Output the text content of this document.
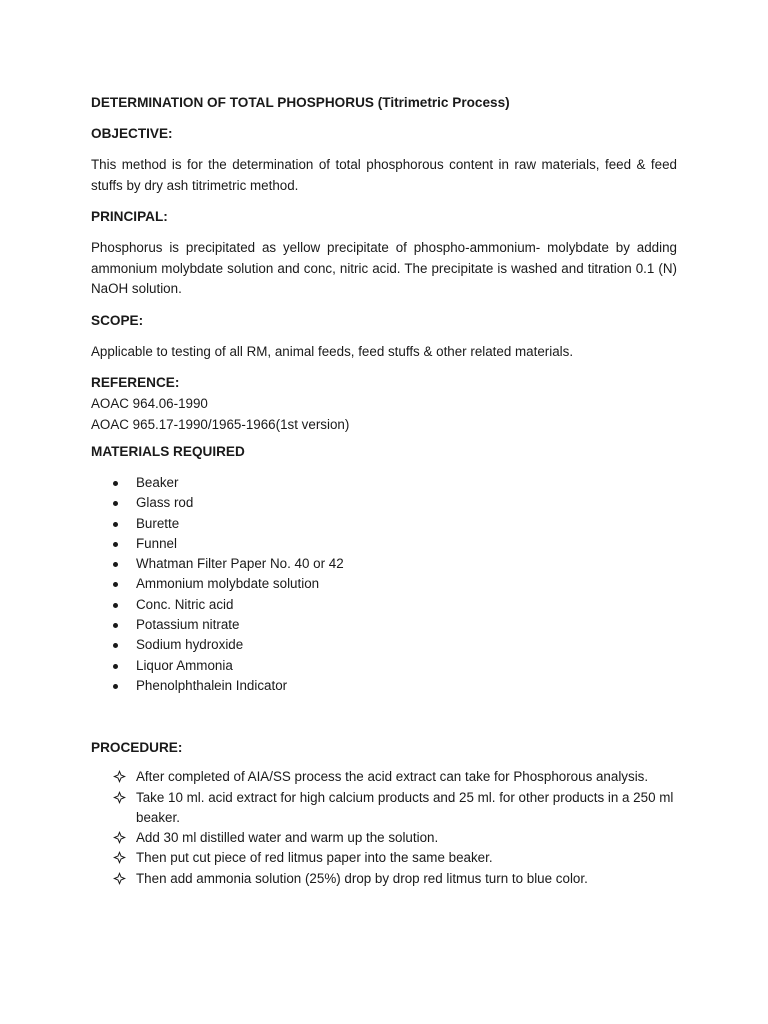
DETERMINATION OF TOTAL PHOSPHORUS (Titrimetric Process)
OBJECTIVE:

This method is for the determination of total phosphorous content in raw materials, feed & feed stuffs by dry ash titrimetric method.

PRINCIPAL:

Phosphorus is precipitated as yellow precipitate of phospho-ammonium- molybdate by adding ammonium molybdate solution and conc, nitric acid. The precipitate is washed and titration 0.1 (N) NaOH solution.

SCOPE:

Applicable to testing of all RM, animal feeds, feed stuffs & other related materials.

REFERENCE:

AOAC 964.06-1990

AOAC 965.17-1990/1965-1966(1st version)

MATERIALS REQUIRED
Beaker
Glass rod
Burette
Funnel
Whatman Filter Paper No. 40 or 42
Ammonium molybdate solution
Conc. Nitric acid
Potassium nitrate
Sodium hydroxide
Liquor Ammonia
Phenolphthalein Indicator
PROCEDURE:
After completed of AIA/SS process the acid extract can take for Phosphorous analysis.
Take 10 ml. acid extract for high calcium products and 25 ml. for other products in a 250 ml beaker.
Add 30 ml distilled water and warm up the solution.
Then put cut piece of red litmus paper into the same beaker.
Then add ammonia solution (25%) drop by drop red litmus turn to blue color.
